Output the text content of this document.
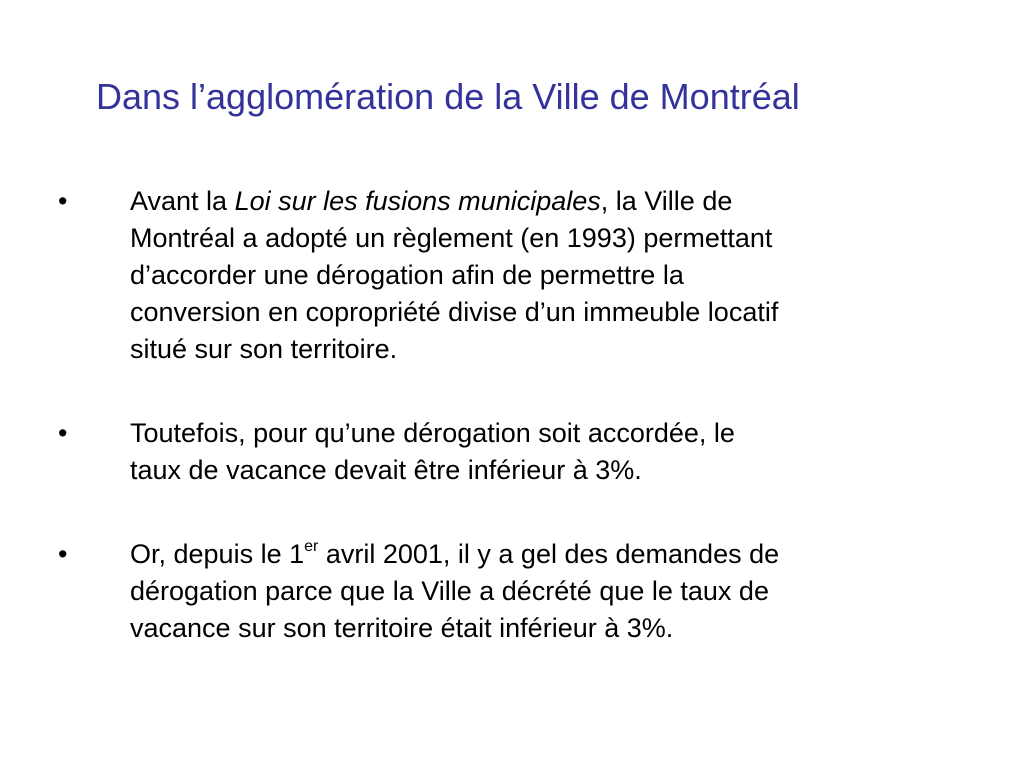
Dans l’agglomération de la Ville de Montréal
•	Avant la Loi sur les fusions municipales, la Ville de
Montréal a adopté un règlement (en 1993) permettant
d’accorder une dérogation afin de permettre la
conversion en copropriété divise d’un immeuble locatif
situé sur son territoire.
•	Toutefois, pour qu’une dérogation soit accordée, le
taux de vacance devait être inférieur à 3%.
•	Or, depuis le 1er avril 2001, il y a gel des demandes de
dérogation parce que la Ville a décrété que le taux de
vacance sur son territoire était inférieur à 3%.
